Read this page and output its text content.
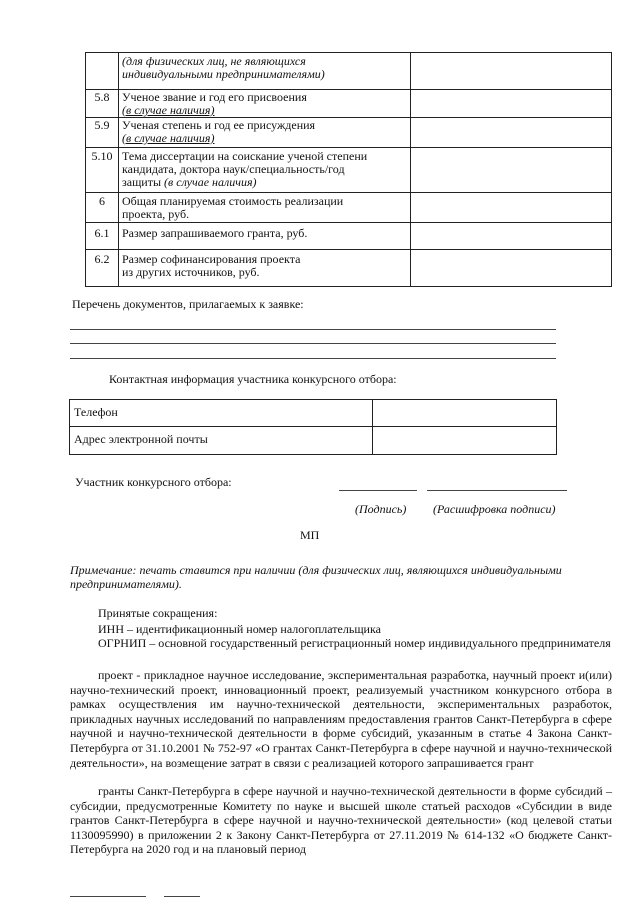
(для физических лиц, не являющихся
индивидуальными предпринимателями)
5.8	Ученое звание и год его присвоения
(в случае наличия)
5.9	Ученая степень и год ее присуждения
(в случае наличия)
5.10 Тема диссертации на соискание ученой степени
кандидата, доктора наук/специальность/год
защиты (в случае наличия)
6	Общая планируемая стоимость реализации
проекта, руб.
6.1	Размер запрашиваемого гранта, руб.
6.2	Размер софинансирования проекта
из других источников, руб.
Перечень документов, прилагаемых к заявке:
Контактная информация участника конкурсного отбора:
Телефон
Адрес электронной почты
Участник конкурсного отбора:
(Подпись) (Расшифровка подписи)
МП
Примечание: печать ставится при наличии (для физических лиц, являющихся индивидуальными предпринимателями).
Принятые сокращения:
ИНН – идентификационный номер налогоплательщика
ОГРНИП – основной государственный регистрационный номер индивидуального предпринимателя
проект - прикладное научное исследование, экспериментальная разработка, научный проект и(или) научно-технический проект, инновационный проект, реализуемый участником конкурсного отбора в рамках осуществления им научно-технической деятельности, экспериментальных разработок, прикладных научных исследований по направлениям предоставления грантов Санкт-Петербурга в сфере научной и научно-технической деятельности в форме субсидий, указанным в статье 4 Закона Санкт-Петербурга от 31.10.2001 № 752-97 «О грантах Санкт-Петербурга в сфере научной и научно-технической деятельности», на возмещение затрат в связи с реализацией которого запрашивается грант
гранты Санкт-Петербурга в сфере научной и научно-технической деятельности в форме субсидий – субсидии, предусмотренные Комитету по науке и высшей школе статьей расходов «Субсидии в виде грантов Санкт-Петербурга в сфере научной и научно-технической деятельности» (код целевой статьи 1130095990) в приложении 2 к Закону Санкт-Петербурга от 27.11.2019 № 614-132 «О бюджете Санкт-Петербурга на 2020 год и на плановый период
